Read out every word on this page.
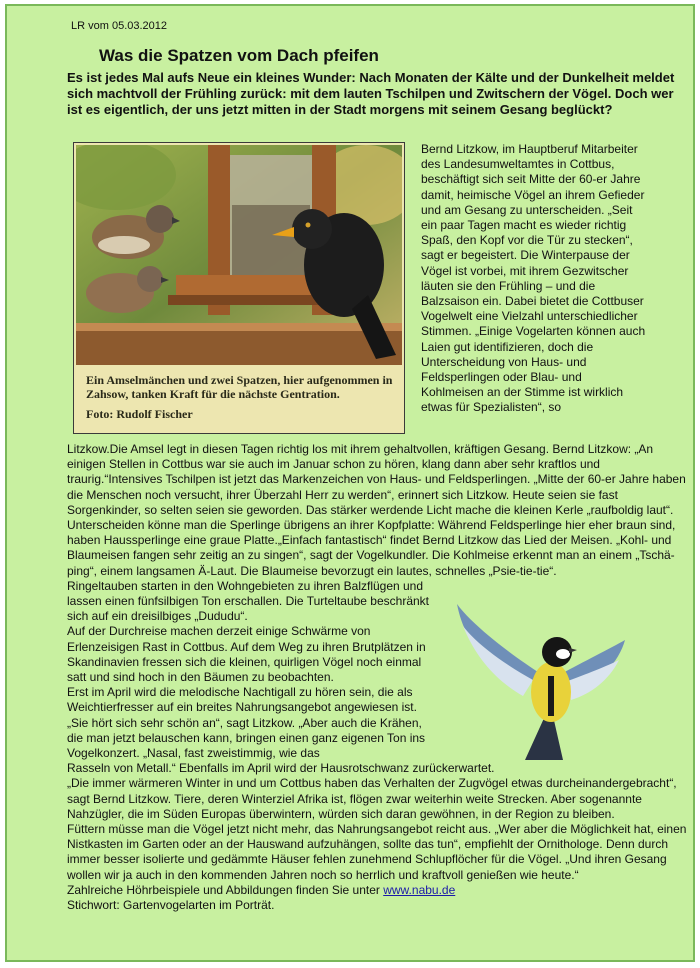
LR vom 05.03.2012
Was die Spatzen vom Dach pfeifen

Es ist jedes Mal aufs Neue ein kleines Wunder: Nach Monaten der Kälte und der Dunkelheit meldet sich machtvoll der Frühling zurück: mit dem lauten Tschilpen und Zwitschern der Vögel. Doch wer ist es eigentlich, der uns jetzt mitten in der Stadt morgens mit seinem Gesang beglückt?

Ein Amselmänchen und zwei Spatzen, hier aufgenommen in Zahsow, tanken Kraft für die nächste Gentration.
Foto: Rudolf Fischer

Bernd Litzkow, im Hauptberuf Mitarbeiter des Landesumweltamtes in Cottbus, beschäftigt sich seit Mitte der 60-er Jahre damit, heimische Vögel an ihrem Gefieder und am Gesang zu unterscheiden. „Seit ein paar Tagen macht es wieder richtig Spaß, den Kopf vor die Tür zu stecken“, sagt er begeistert. Die Winterpause der Vögel ist vorbei, mit ihrem Gezwitscher läuten sie den Frühling – und die Balzsaison ein. Dabei bietet die Cottbuser Vogelwelt eine Vielzahl unterschiedlicher Stimmen. „Einige Vogelarten können auch Laien gut identifizieren, doch die Unterscheidung von Haus- und Feldsperlingen oder Blau- und Kohlmeisen an der Stimme ist wirklich etwas für Spezialisten“, so

Litzkow.Die Amsel legt in diesen Tagen richtig los mit ihrem gehaltvollen, kräftigen Gesang. Bernd Litzkow: „An einigen Stellen in Cottbus war sie auch im Januar schon zu hören, klang dann aber sehr kraftlos und traurig.“Intensives Tschilpen ist jetzt das Markenzeichen von Haus- und Feldsperlingen. „Mitte der 60-er Jahre haben die Menschen noch versucht, ihrer Überzahl Herr zu werden“, erinnert sich Litzkow. Heute seien sie fast Sorgenkinder, so selten seien sie geworden. Das stärker werdende Licht mache die kleinen Kerle „raufboldig laut“. Unterscheiden könne man die Sperlinge übrigens an ihrer Kopfplatte: Während Feldsperlinge hier eher braun sind, haben Haussperlinge eine graue Platte.„Einfach fantastisch“ findet Bernd Litzkow das Lied der Meisen. „Kohl- und Blaumeisen fangen sehr zeitig an zu singen“, sagt der Vogelkundler. Die Kohlmeise erkennt man an einem „Tschä-ping“, einem langsamen Ä-Laut. Die Blaumeise bevorzugt ein lautes, schnelles „Psie-tie-tie“.

Ringeltauben starten in den Wohngebieten zu ihren Balzflügen und lassen einen fünfsilbigen Ton erschallen. Die Turteltaube beschränkt sich auf ein dreisilbiges „Dududu“.

Auf der Durchreise machen derzeit einige Schwärme von Erlenzeisigen Rast in Cottbus. Auf dem Weg zu ihren Brutplätzen in Skandinavien fressen sich die kleinen, quirligen Vögel noch einmal satt und sind hoch in den Bäumen zu beobachten.

Erst im April wird die melodische Nachtigall zu hören sein, die als Weichtierfresser auf ein breites Nahrungsangebot angewiesen ist. „Sie hört sich sehr schön an“, sagt Litzkow. „Aber auch die Krähen, die man jetzt belauschen kann, bringen einen ganz eigenen Ton ins Vogelkonzert. „Nasal, fast zweistimmig, wie das

Rasseln von Metall.“ Ebenfalls im April wird der Hausrotschwanz zurückerwartet.

„Die immer wärmeren Winter in und um Cottbus haben das Verhalten der Zugvögel etwas durcheinandergebracht“, sagt Bernd Litzkow. Tiere, deren Winterziel Afrika ist, flögen zwar weiterhin weite Strecken. Aber sogenannte Nahzügler, die im Süden Europas überwintern, würden sich daran gewöhnen, in der Region zu bleiben.

Füttern müsse man die Vögel jetzt nicht mehr, das Nahrungsangebot reicht aus. „Wer aber die Möglichkeit hat, einen Nistkasten im Garten oder an der Hauswand aufzuhängen, sollte das tun“, empfiehlt der Ornithologe. Denn durch immer besser isolierte und gedämmte Häuser fehlen zunehmend Schlupflöcher für die Vögel. „Und ihren Gesang wollen wir ja auch in den kommenden Jahren noch so herrlich und kraftvoll genießen wie heute.“

Zahlreiche Höhrbeispiele und Abbildungen finden Sie unter www.nabu.de

Stichwort: Gartenvogelarten im Porträt.
